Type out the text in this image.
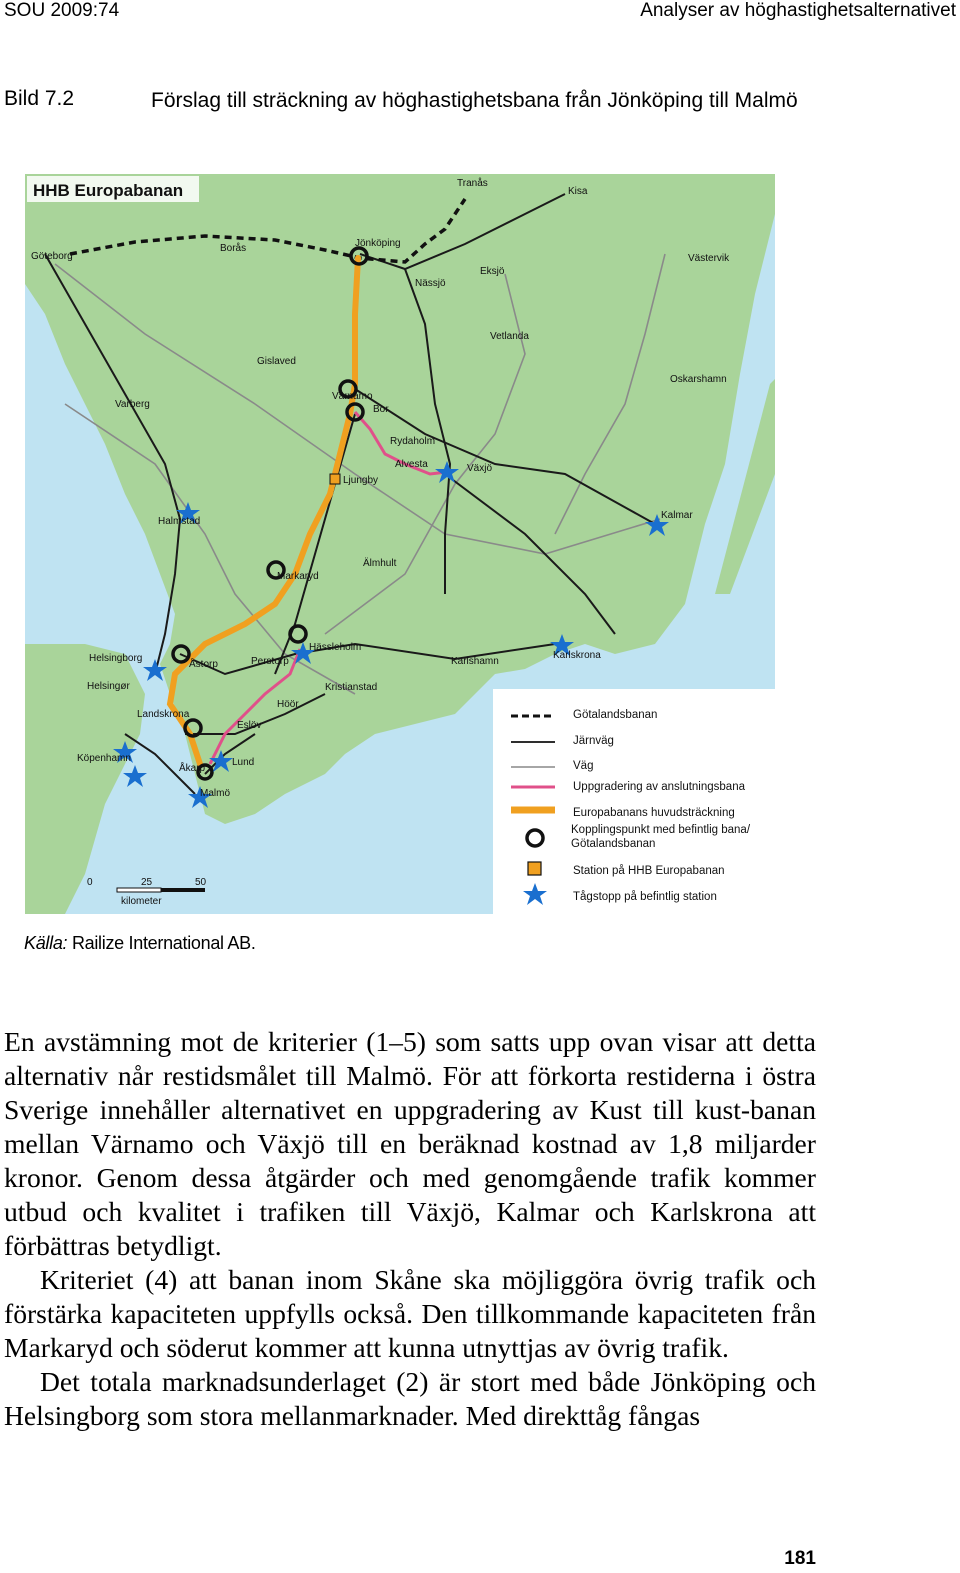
SOU 2009:74	Analyser av höghastighetsalternativet
Bild 7.2	Förslag till sträckning av höghastighetsbana från Jönköping till Malmö
HHB Europabanan
Jönköping
Borås
Göteborg
Tranås
Kisa
Nässjö
Eksjö
Västervik
Vetlanda
Gislaved
Värnamo
Bor
Varberg
Oskarshamn
Rydaholm
Alvesta	Växjö
Ljungby
Halmstad
Kalmar
Markaryd
Älmhult
Hässleholm
Helsingborg
Åstorp	Perstorp	Karlshamn
Karlskrona
Helsingør	Kristianstad
Landskrona
Höör
Eslöv
Köpenhamn
Åkarp
Lund
Malmö
0	25	50
kilometer
Götalandsbanan
Järnväg
Väg
Uppgradering av anslutningsbana
Europabanans huvudsträckning
Kopplingspunkt med befintlig bana/ Götalandsbanan
Station på HHB Europabanan
Tågstopp på befintlig station
Källa: Railize International AB.

En avstämning mot de kriterier (1–5) som satts upp ovan visar att detta alternativ når restidsmålet till Malmö. För att förkorta restiderna i östra Sverige innehåller alternativet en uppgradering av Kust till kust-banan mellan Värnamo och Växjö till en beräknad kostnad av 1,8 miljarder kronor. Genom dessa åtgärder och med genomgående trafik kommer utbud och kvalitet i trafiken till Växjö, Kalmar och Karlskrona att förbättras betydligt.

Kriteriet (4) att banan inom Skåne ska möjliggöra övrig trafik och förstärka kapaciteten uppfylls också. Den tillkommande kapaciteten från Markaryd och söderut kommer att kunna utnyttjas av övrig trafik.

Det totala marknadsunderlaget (2) är stort med både Jönköping och Helsingborg som stora mellanmarknader. Med direkttåg fångas

181
